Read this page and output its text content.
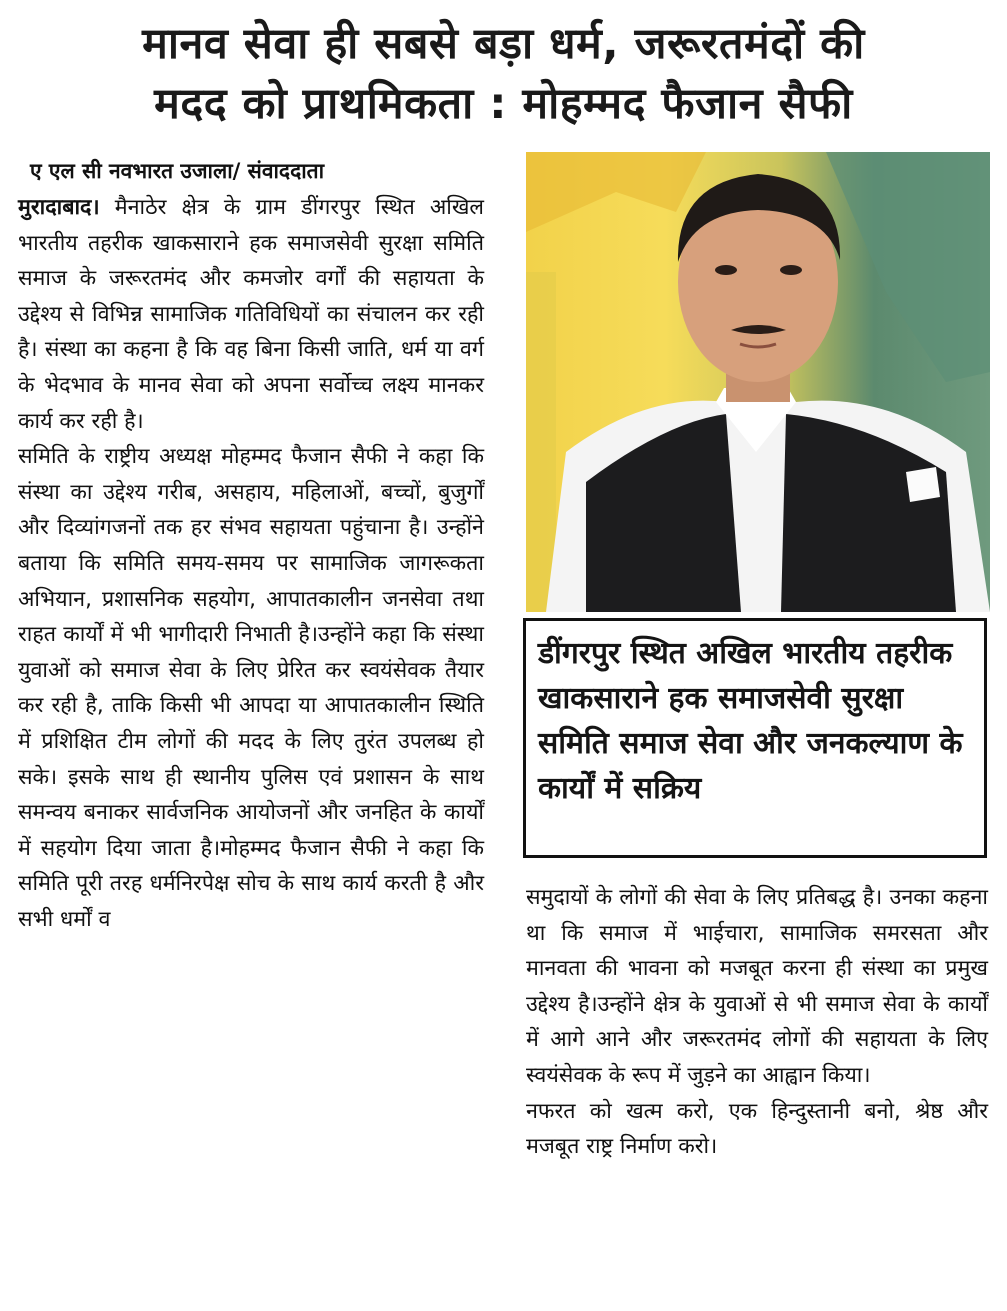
मानव सेवा ही सबसे बड़ा धर्म, जरूरतमंदों की
मदद को प्राथमिकता : मोहम्मद फैजान सैफी
ए एल सी नवभारत उजाला/ संवाददाता

मुरादाबाद। मैनाठेर क्षेत्र के ग्राम डींगरपुर स्थित अखिल भारतीय तहरीक खाकसाराने हक समाजसेवी सुरक्षा समिति समाज के जरूरतमंद और कमजोर वर्गों की सहायता के उद्देश्य से विभिन्न सामाजिक गतिविधियों का संचालन कर रही है। संस्था का कहना है कि वह बिना किसी जाति, धर्म या वर्ग के भेदभाव के मानव सेवा को अपना सर्वोच्च लक्ष्य मानकर कार्य कर रही है।

समिति के राष्ट्रीय अध्यक्ष मोहम्मद फैजान सैफी ने कहा कि संस्था का उद्देश्य गरीब, असहाय, महिलाओं, बच्चों, बुजुर्गों और दिव्यांगजनों तक हर संभव सहायता पहुंचाना है। उन्होंने बताया कि समिति समय-समय पर सामाजिक जागरूकता अभियान, प्रशासनिक सहयोग, आपातकालीन जनसेवा तथा राहत कार्यों में भी भागीदारी निभाती है।उन्होंने कहा कि संस्था युवाओं को समाज सेवा के लिए प्रेरित कर स्वयंसेवक तैयार कर रही है, ताकि किसी भी आपदा या आपातकालीन स्थिति में प्रशिक्षित टीम लोगों की मदद के लिए तुरंत उपलब्ध हो सके। इसके साथ ही स्थानीय पुलिस एवं प्रशासन के साथ समन्वय बनाकर सार्वजनिक आयोजनों और जनहित के कार्यों में सहयोग दिया जाता है।मोहम्मद फैजान सैफी ने कहा कि समिति पूरी तरह धर्मनिरपेक्ष सोच के साथ कार्य करती है और सभी धर्मों व

डींगरपुर स्थित अखिल भारतीय तहरीक खाकसाराने हक समाजसेवी सुरक्षा समिति समाज सेवा और जनकल्याण के कार्यों में सक्रिय

समुदायों के लोगों की सेवा के लिए प्रतिबद्ध है। उनका कहना था कि समाज में भाईचारा, सामाजिक समरसता और मानवता की भावना को मजबूत करना ही संस्था का प्रमुख उद्देश्य है।उन्होंने क्षेत्र के युवाओं से भी समाज सेवा के कार्यों में आगे आने और जरूरतमंद लोगों की सहायता के लिए स्वयंसेवक के रूप में जुड़ने का आह्वान किया।

नफरत को खत्म करो, एक हिन्दुस्तानी बनो, श्रेष्ठ और मजबूत राष्ट्र निर्माण करो।
